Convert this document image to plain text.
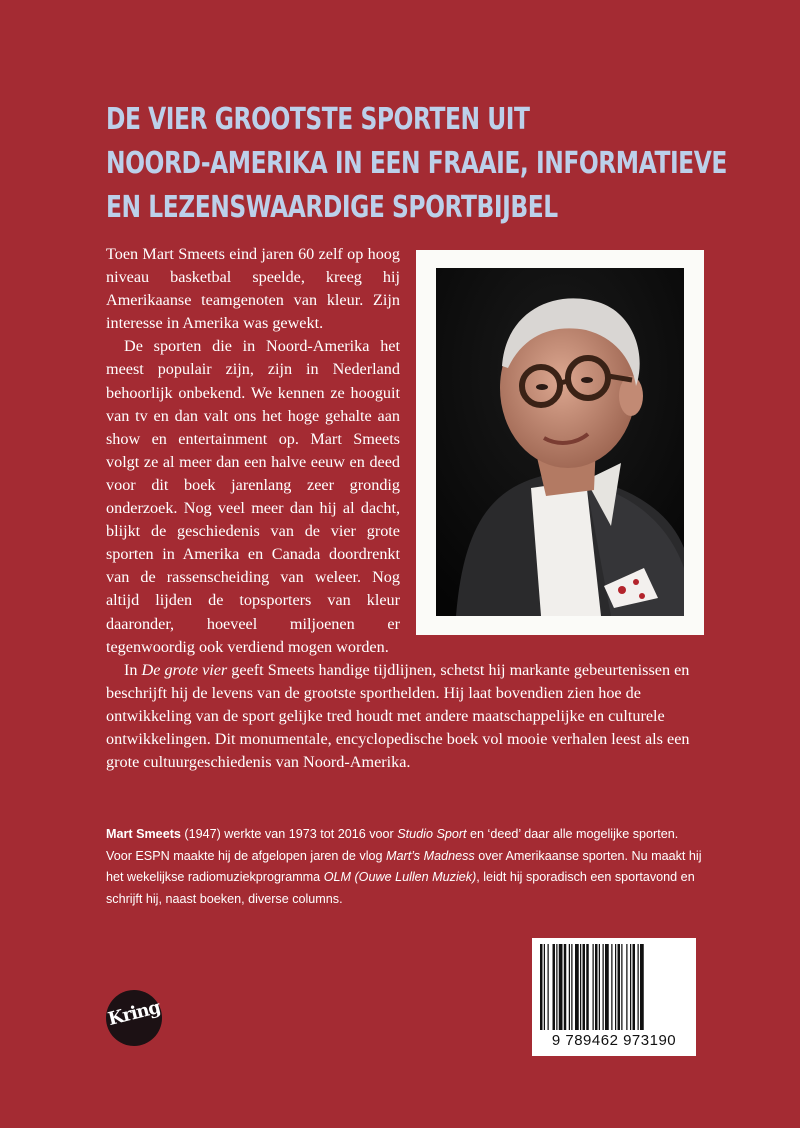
DE VIER GROOTSTE SPORTEN UIT
NOORD-AMERIKA IN EEN FRAAIE, INFORMATIEVE
EN LEZENSWAARDIGE SPORTBIJBEL

Toen Mart Smeets eind jaren 60 zelf op hoog niveau basketbal speelde, kreeg hij Amerikaanse teamgenoten van kleur. Zijn interesse in Amerika was gewekt.

De sporten die in Noord-Amerika het meest populair zijn, zijn in Nederland behoorlijk onbekend. We kennen ze hooguit van tv en dan valt ons het hoge gehalte aan show en entertainment op. Mart Smeets volgt ze al meer dan een halve eeuw en deed voor dit boek jarenlang zeer grondig onderzoek. Nog veel meer dan hij al dacht, blijkt de geschiedenis van de vier grote sporten in Amerika en Canada doordrenkt van de rassenscheiding van weleer. Nog altijd lijden de topsporters van kleur daaronder, hoeveel miljoenen er tegenwoordig ook verdiend mogen worden.

In De grote vier geeft Smeets handige tijdlijnen, schetst hij markante gebeurtenissen en beschrijft hij de levens van de grootste sporthelden. Hij laat bovendien zien hoe de ontwikkeling van de sport gelijke tred houdt met andere maatschappelijke en culturele ontwikkelingen. Dit monumentale, encyclopedische boek vol mooie verhalen leest als een grote cultuurgeschiedenis van Noord-Amerika.

Mart Smeets (1947) werkte van 1973 tot 2016 voor Studio Sport en ‘deed’ daar alle mogelijke sporten. Voor ESPN maakte hij de afgelopen jaren de vlog Mart’s Madness over Amerikaanse sporten. Nu maakt hij het wekelijkse radiomuziekprogramma OLM (Ouwe Lullen Muziek), leidt hij sporadisch een sportavond en schrijft hij, naast boeken, diverse columns.

Kring
9 789462 973190
